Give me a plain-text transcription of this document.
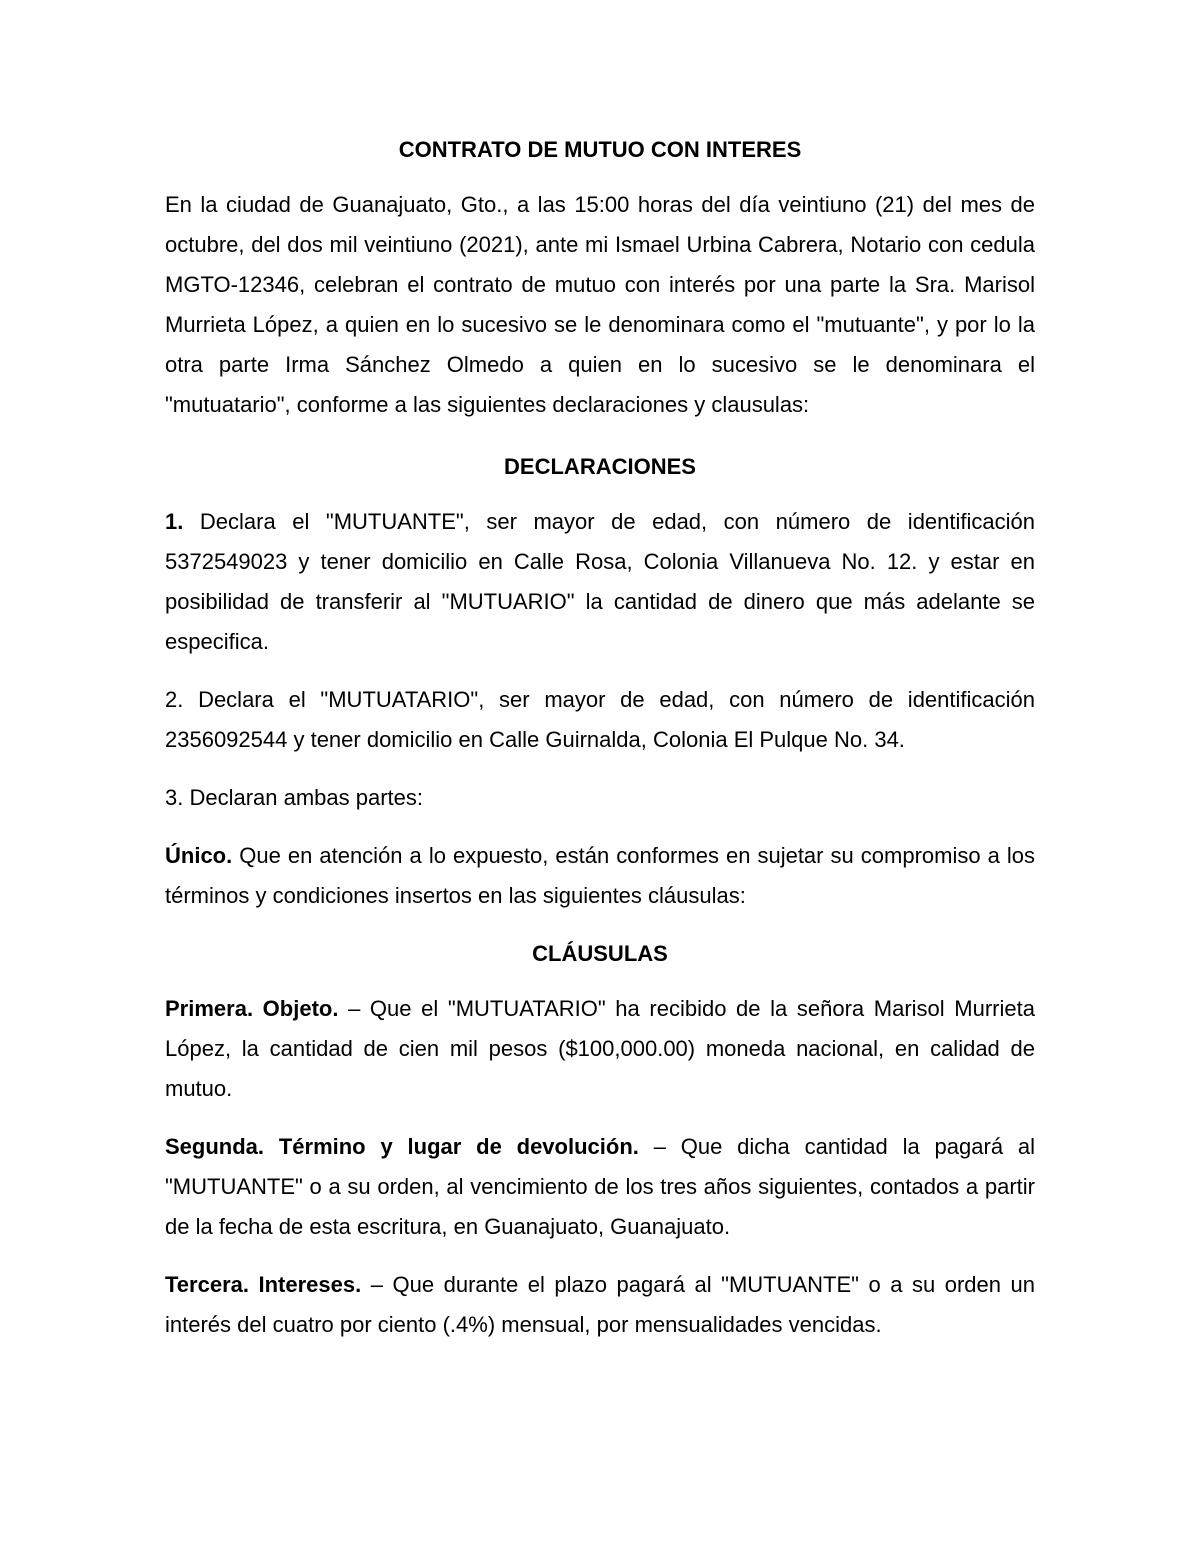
CONTRATO DE MUTUO CON INTERES

En la ciudad de Guanajuato, Gto., a las 15:00 horas del día veintiuno (21) del mes de octubre, del dos mil veintiuno (2021), ante mi Ismael Urbina Cabrera, Notario con cedula MGTO-12346, celebran el contrato de mutuo con interés por una parte la Sra. Marisol Murrieta López, a quien en lo sucesivo se le denominara como el "mutuante", y por lo la otra parte Irma Sánchez Olmedo a quien en lo sucesivo se le denominara el "mutuatario", conforme a las siguientes declaraciones y clausulas:

DECLARACIONES

1. Declara el "MUTUANTE", ser mayor de edad, con número de identificación 5372549023 y tener domicilio en Calle Rosa, Colonia Villanueva No. 12. y estar en posibilidad de transferir al "MUTUARIO" la cantidad de dinero que más adelante se especifica.

2. Declara el "MUTUATARIO", ser mayor de edad, con número de identificación 2356092544 y tener domicilio en Calle Guirnalda, Colonia El Pulque No. 34.

3. Declaran ambas partes:

Único. Que en atención a lo expuesto, están conformes en sujetar su compromiso a los términos y condiciones insertos en las siguientes cláusulas:

CLÁUSULAS

Primera. Objeto. – Que el "MUTUATARIO" ha recibido de la señora Marisol Murrieta López, la cantidad de cien mil pesos ($100,000.00) moneda nacional, en calidad de mutuo.

Segunda. Término y lugar de devolución. – Que dicha cantidad la pagará al "MUTUANTE" o a su orden, al vencimiento de los tres años siguientes, contados a partir de la fecha de esta escritura, en Guanajuato, Guanajuato.

Tercera. Intereses. – Que durante el plazo pagará al "MUTUANTE" o a su orden un interés del cuatro por ciento (.4%) mensual, por mensualidades vencidas.
